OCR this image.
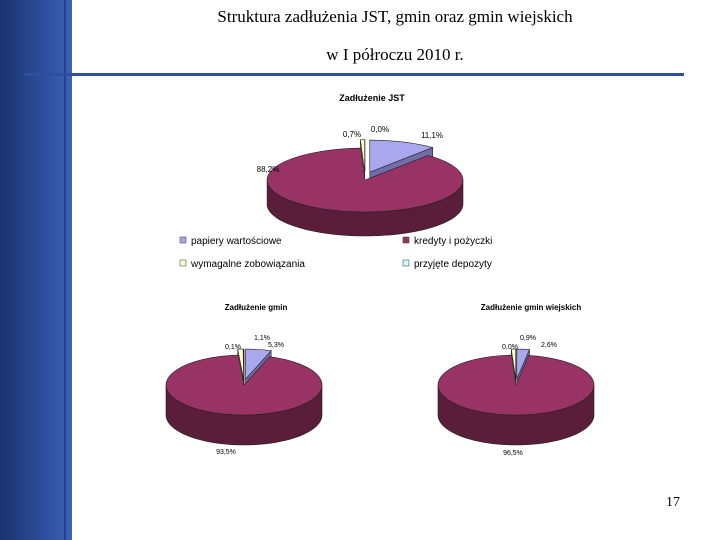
Struktura zadłużenia JST, gmin oraz gmin wiejskich
w I półroczu 2010 r.
Zadłużenie JST
11,1%
88,2%
0,7%
0,0%
papiery wartościowe	kredyty i pożyczki
wymagalne zobowiązania	przyjęte depozyty
Zadłużenie gmin
5,3%
93,5%
1,1%
0,1%
Zadłużenie gmin wiejskich
2,6%
96,5%
0,9%
0,0%
17
